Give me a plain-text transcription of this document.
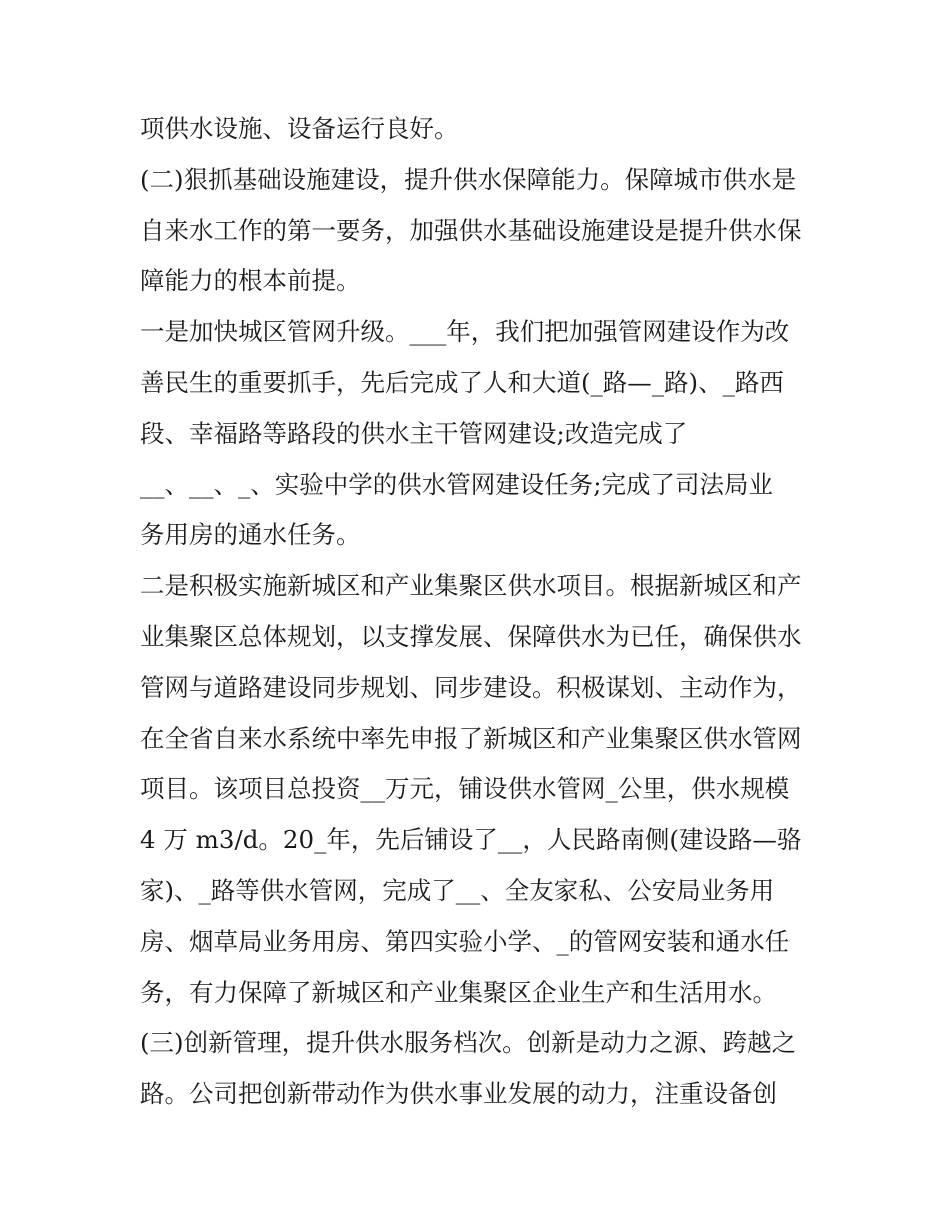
项供水设施、设备运行良好。
(二)狠抓基础设施建设，提升供水保障能力。保障城市供水是
自来水工作的第一要务，加强供水基础设施建设是提升供水保
障能力的根本前提。
一是加快城区管网升级。___年，我们把加强管网建设作为改
善民生的重要抓手，先后完成了人和大道(_路—_路)、_路西
段、幸福路等路段的供水主干管网建设;改造完成了
__、__、_、实验中学的供水管网建设任务;完成了司法局业
务用房的通水任务。
二是积极实施新城区和产业集聚区供水项目。根据新城区和产
业集聚区总体规划，以支撑发展、保障供水为已任，确保供水
管网与道路建设同步规划、同步建设。积极谋划、主动作为，
在全省自来水系统中率先申报了新城区和产业集聚区供水管网
项目。该项目总投资__万元，铺设供水管网_公里，供水规模
4 万 m3/d。20_年，先后铺设了__，人民路南侧(建设路—骆
家)、_路等供水管网，完成了__、全友家私、公安局业务用
房、烟草局业务用房、第四实验小学、_的管网安装和通水任
务，有力保障了新城区和产业集聚区企业生产和生活用水。
(三)创新管理，提升供水服务档次。创新是动力之源、跨越之
路。公司把创新带动作为供水事业发展的动力，注重设备创
